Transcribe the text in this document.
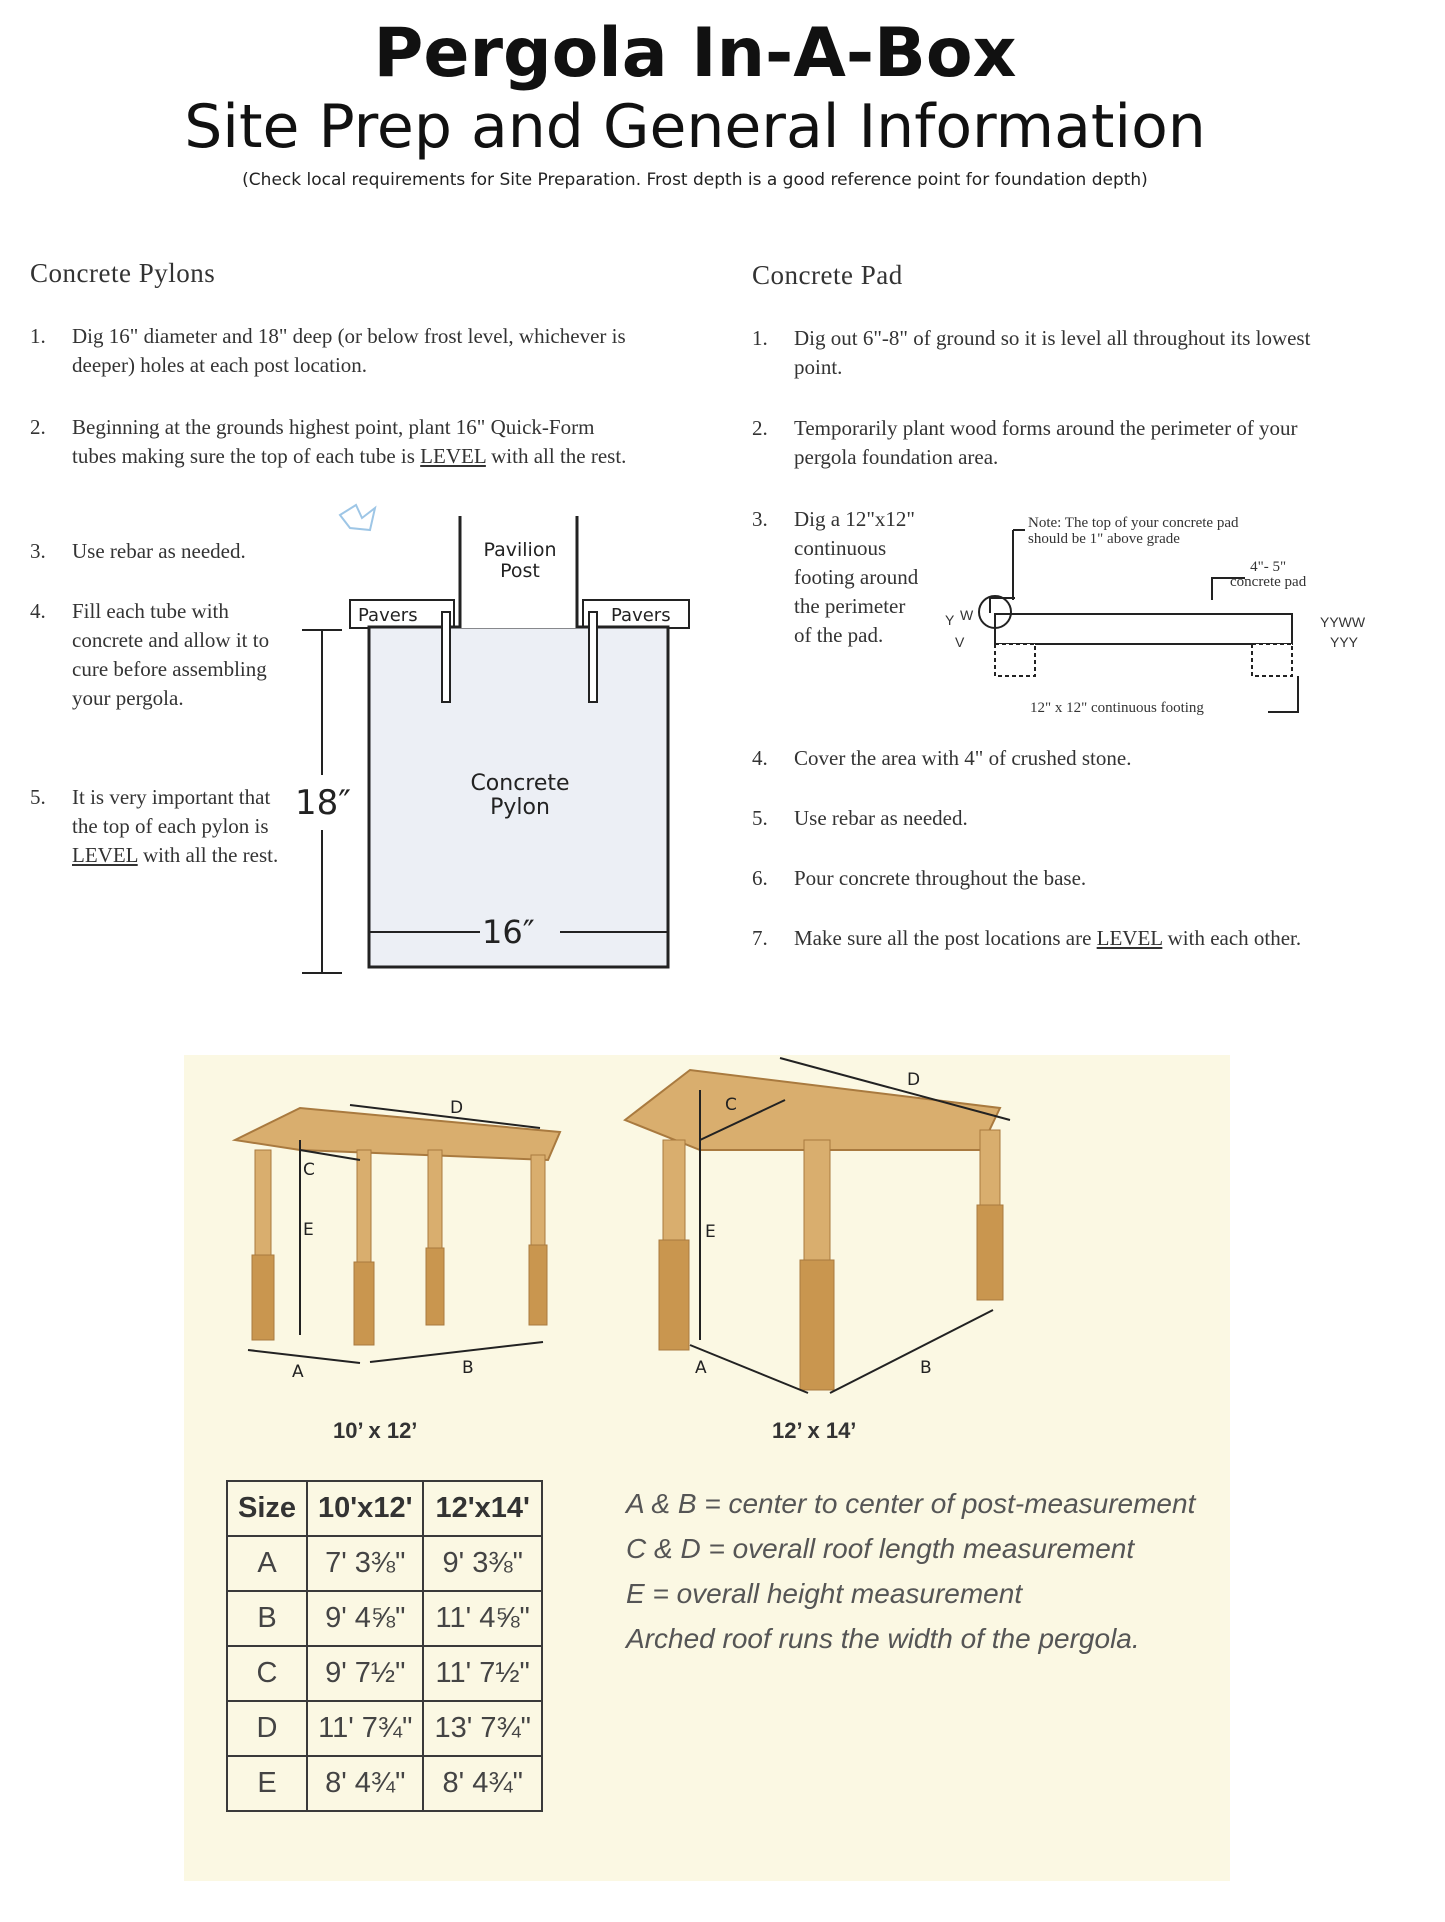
Pergola In-A-Box
Site Prep and General Information
(Check local requirements for Site Preparation. Frost depth is a good reference point for foundation depth)
Concrete Pylons
1. Dig 16" diameter and 18" deep (or below frost level, whichever is deeper) holes at each post location.
2. Beginning at the grounds highest point, plant 16" Quick-Form tubes making sure the top of each tube is LEVEL with all the rest.
3. Use rebar as needed.
4. Fill each tube with concrete and allow it to cure before assembling your pergola.
5. It is very important that the top of each pylon is LEVEL with all the rest.
Y W
V
YYWW
YYY
Pavilion
Post
Pavers	Pavers
Concrete
Pylon
16″
18″
Concrete Pad
1. Dig out 6"-8" of ground so it is level all throughout its lowest point.
2. Temporarily plant wood forms around the perimeter of your pergola foundation area.
3. Dig a 12"x12" continuous footing around the perimeter of the pad.
4. Cover the area with 4" of crushed stone.
5. Use rebar as needed.
6. Pour concrete throughout the base.
7. Make sure all the post locations are LEVEL with each other.
Note: The top of your concrete pad
should be 1" above grade
4"- 5"
concrete pad
12" x 12" continuous footing
D
C
E
A	B
10’ x 12’
D
C
E
A	B
12’ x 14’
Size	10'x12'	12'x14'
A	7' 3⅜"	9' 3⅜"
B	9' 4⅝"	11' 4⅝"
C	9' 7½"	11' 7½"
D	11' 7¾"	13' 7¾"
E	8' 4¾"	8' 4¾"
A & B = center to center of post-measurement
C & D = overall roof length measurement
E = overall height measurement
Arched roof runs the width of the pergola.
